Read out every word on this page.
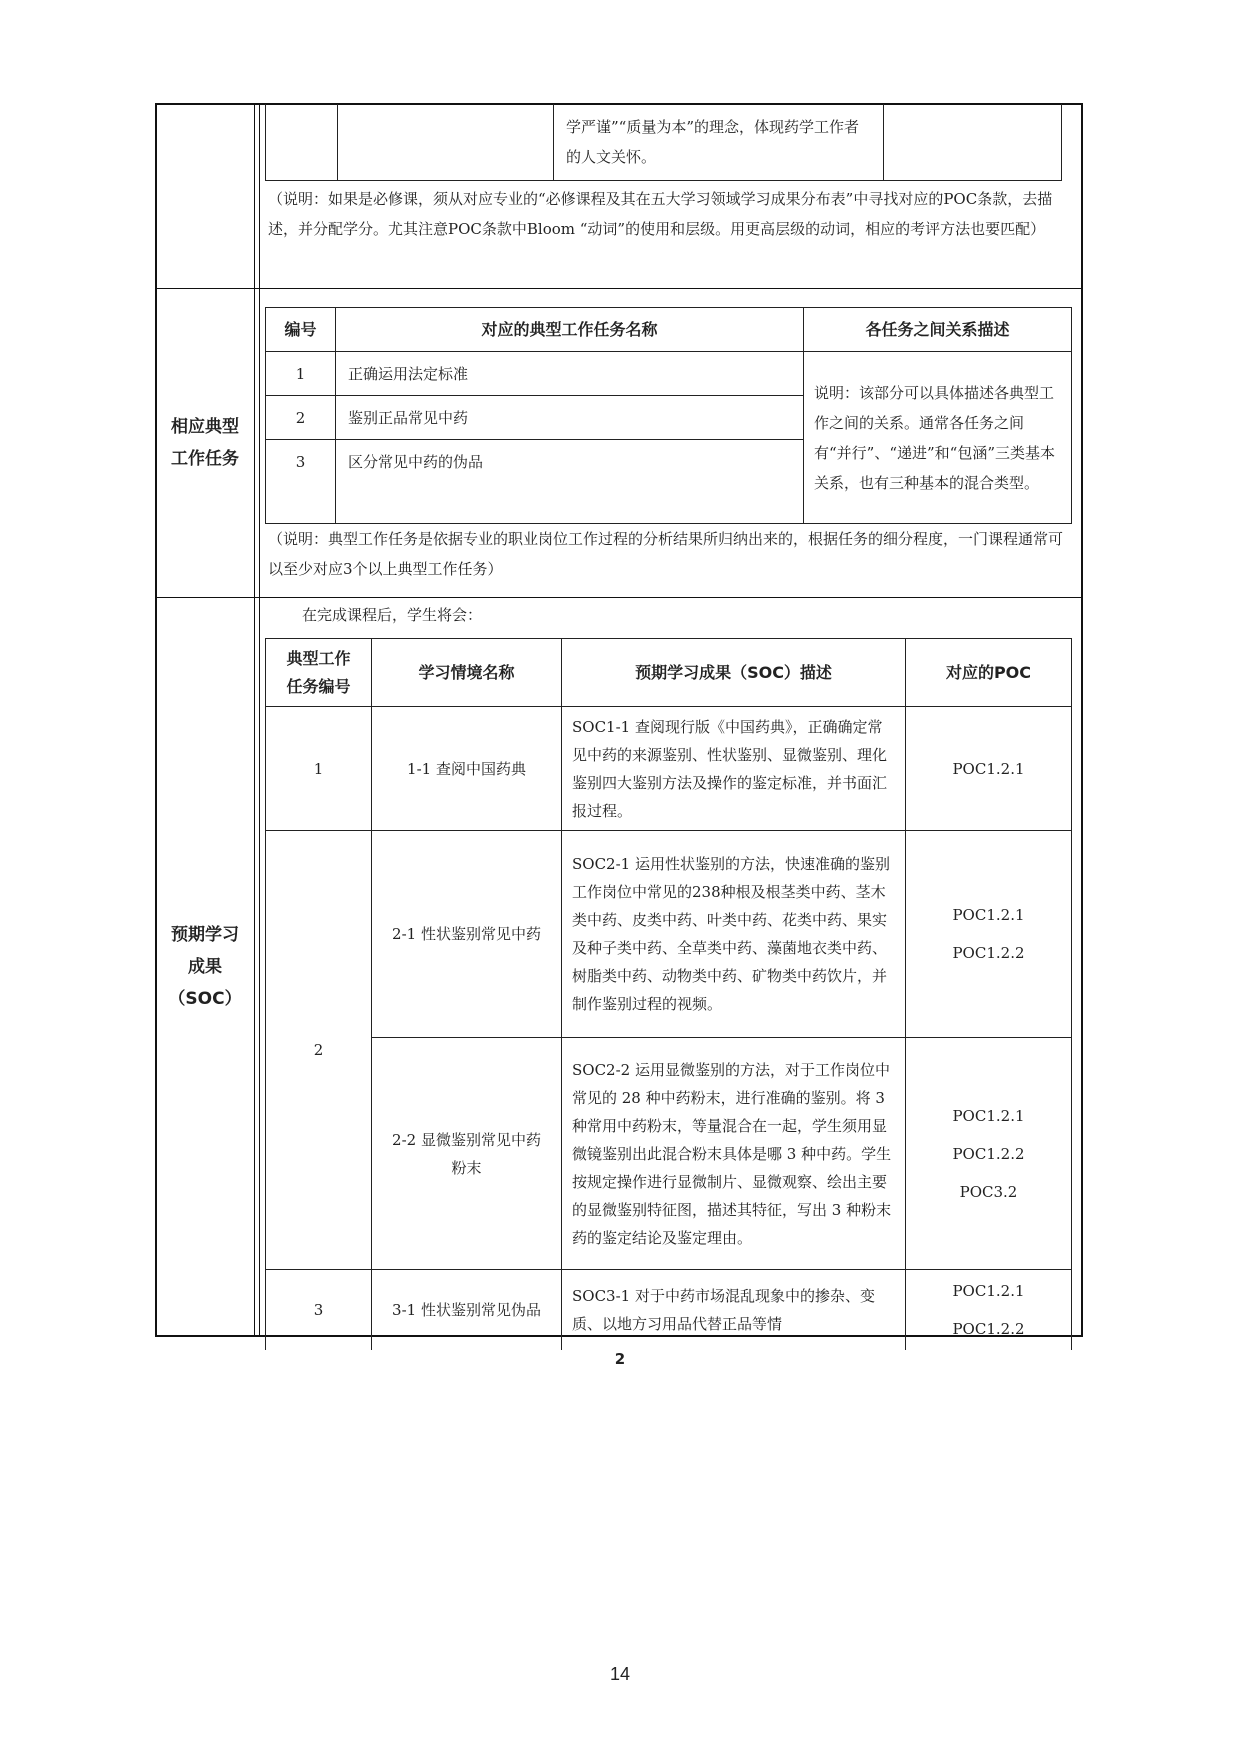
		学严谨”“质量为本”的理念，体现药学工作者的人文关怀。	
（说明：如果是必修课，须从对应专业的“必修课程及其在五大学习领域学习成果分布表”中寻找对应的POC条款，去描述，并分配学分。尤其注意POC条款中Bloom “动词”的使用和层级。用更高层级的动词，相应的考评方法也要匹配）
相应典型
工作任务
编号	对应的典型工作任务名称	各任务之间关系描述
1	正确运用法定标准	说明：该部分可以具体描述各典型工作之间的关系。通常各任务之间有“并行”、“递进”和“包涵”三类基本关系，也有三种基本的混合类型。
2	鉴别正品常见中药	
3	区分常见中药的伪品	
（说明：典型工作任务是依据专业的职业岗位工作过程的分析结果所归纳出来的，根据任务的细分程度，一门课程通常可以至少对应3个以上典型工作任务）
预期学习
成果
（SOC）
在完成课程后，学生将会：
典型工作任务编号	学习情境名称	预期学习成果（SOC）描述	对应的POC
1	1-1 查阅中国药典	SOC1-1 查阅现行版《中国药典》，正确确定常见中药的来源鉴别、性状鉴别、显微鉴别、理化鉴别四大鉴别方法及操作的鉴定标准，并书面汇报过程。	POC1.2.1

2	2-1 性状鉴别常见中药	SOC2-1 运用性状鉴别的方法，快速准确的鉴别工作岗位中常见的238种根及根茎类中药、茎木类中药、皮类中药、叶类中药、花类中药、果实及种子类中药、全草类中药、藻菌地衣类中药、树脂类中药、动物类中药、矿物类中药饮片，并制作鉴别过程的视频。	POC1.2.1
POC1.2.2

	2-2 显微鉴别常见中药粉末	SOC2-2 运用显微鉴别的方法，对于工作岗位中常见的 28 种中药粉末，进行准确的鉴别。将 3 种常用中药粉末，等量混合在一起，学生须用显微镜鉴别出此混合粉末具体是哪 3 种中药。学生按规定操作进行显微制片、显微观察、绘出主要的显微鉴别特征图，描述其特征，写出 3 种粉末药的鉴定结论及鉴定理由。	POC1.2.1
POC1.2.2
POC3.2

3	3-1 性状鉴别常见伪品	SOC3-1 对于中药市场混乱现象中的掺杂、变质、以地方习用品代替正品等情	POC1.2.1
POC1.2.2
2
14
